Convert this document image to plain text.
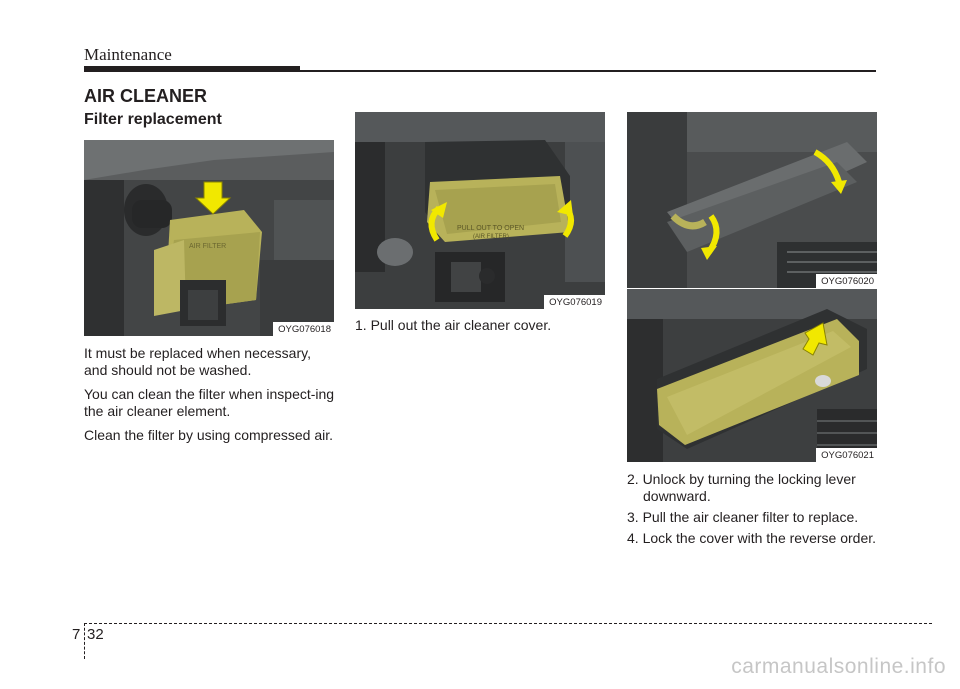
Maintenance
AIR CLEANER
Filter replacement
AIR FILTER
OYG076018

It must be replaced when necessary, and should not be washed.

You can clean the filter when inspect-ing the air cleaner element.

Clean the filter by using compressed air.

PULL OUT TO OPEN
(AIR FILTER)
OYG076019
1. Pull out the air cleaner cover.
OYG076020
OYG076021
2. Unlock by turning the locking lever downward.
3. Pull the air cleaner filter to replace.
4. Lock the cover with the reverse order.
7 32
carmanualsonline.info
